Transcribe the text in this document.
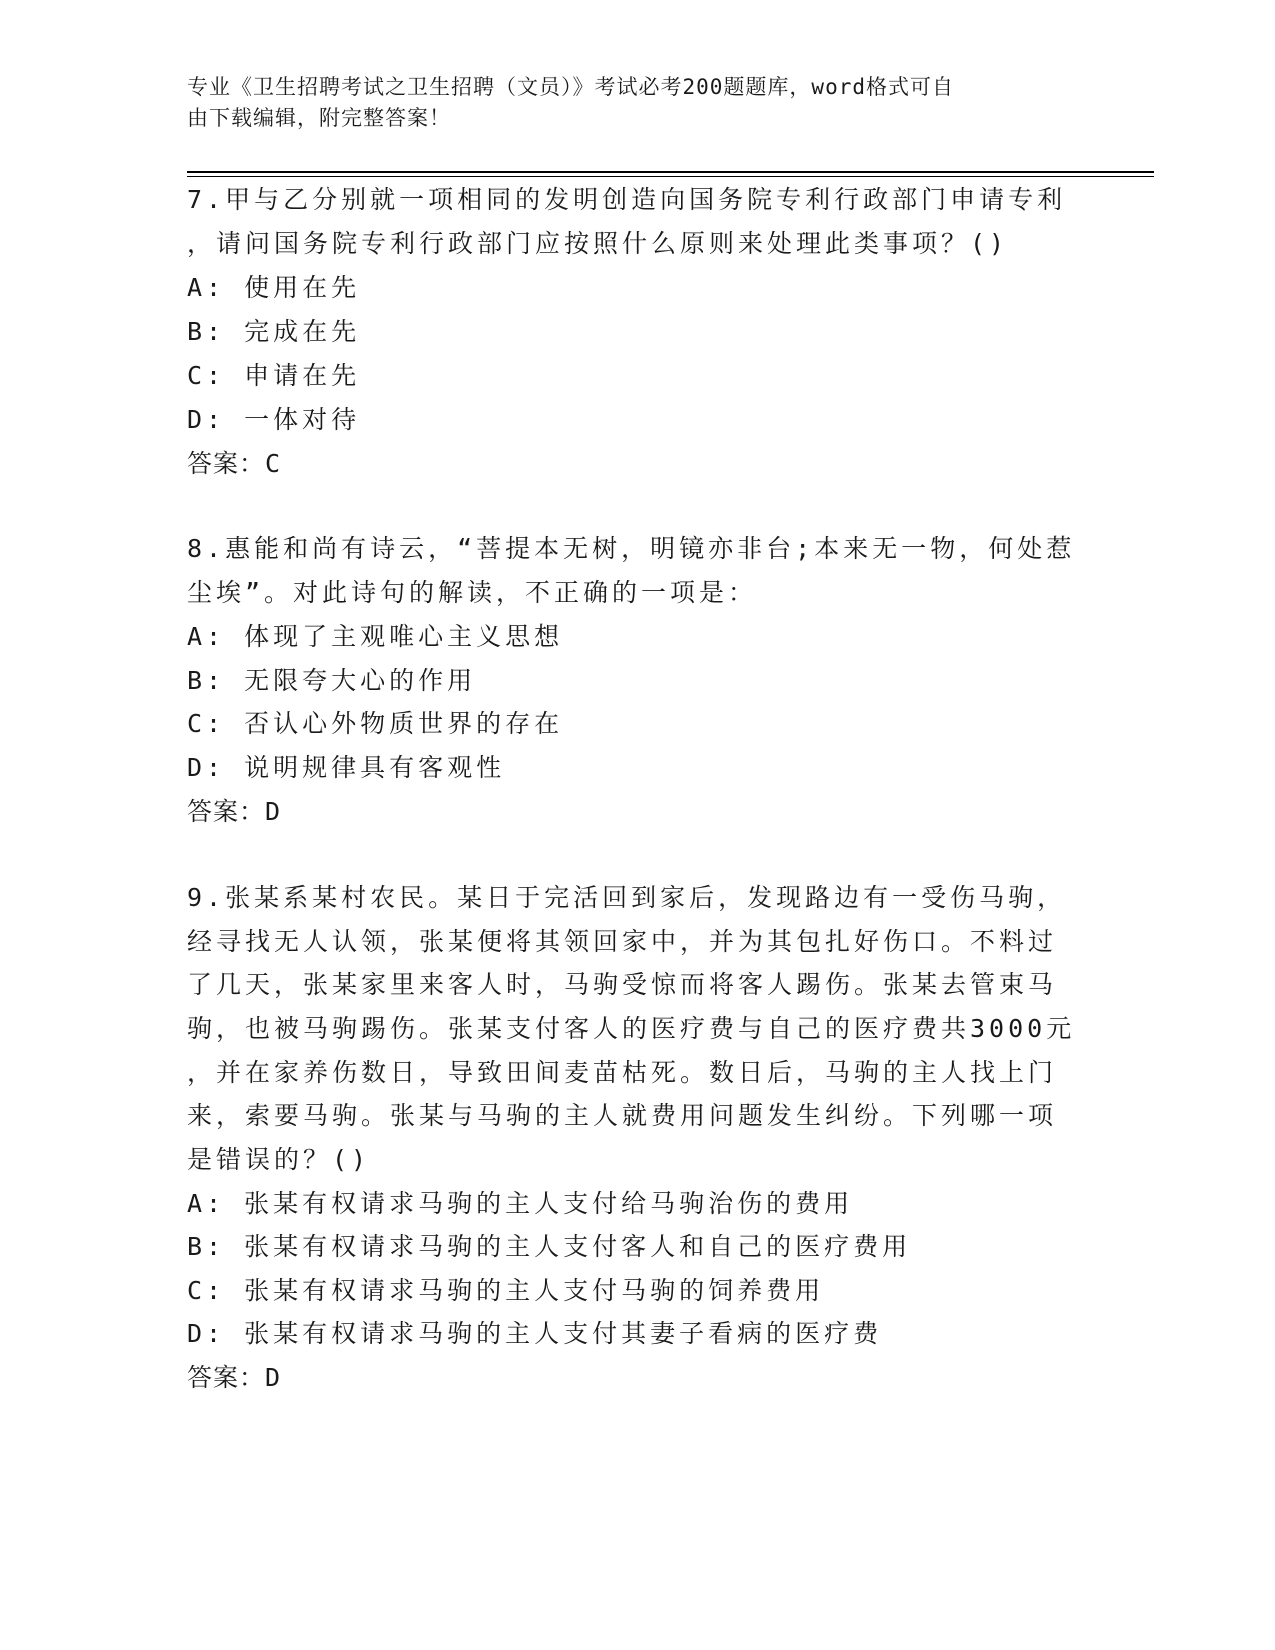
专业《卫生招聘考试之卫生招聘（文员）》考试必考200题题库，word格式可自
由下载编辑，附完整答案！
7.甲与乙分别就一项相同的发明创造向国务院专利行政部门申请专利
，请问国务院专利行政部门应按照什么原则来处理此类事项？()
A: 使用在先
B: 完成在先
C: 申请在先
D: 一体对待
答案：C
8.惠能和尚有诗云，“菩提本无树，明镜亦非台;本来无一物，何处惹
尘埃”。对此诗句的解读，不正确的一项是：
A: 体现了主观唯心主义思想
B: 无限夸大心的作用
C: 否认心外物质世界的存在
D: 说明规律具有客观性
答案：D
9.张某系某村农民。某日于完活回到家后，发现路边有一受伤马驹，
经寻找无人认领，张某便将其领回家中，并为其包扎好伤口。不料过
了几天，张某家里来客人时，马驹受惊而将客人踢伤。张某去管束马
驹，也被马驹踢伤。张某支付客人的医疗费与自己的医疗费共3000元
，并在家养伤数日，导致田间麦苗枯死。数日后，马驹的主人找上门
来，索要马驹。张某与马驹的主人就费用问题发生纠纷。下列哪一项
是错误的？()
A: 张某有权请求马驹的主人支付给马驹治伤的费用
B: 张某有权请求马驹的主人支付客人和自己的医疗费用
C: 张某有权请求马驹的主人支付马驹的饲养费用
D: 张某有权请求马驹的主人支付其妻子看病的医疗费
答案：D
